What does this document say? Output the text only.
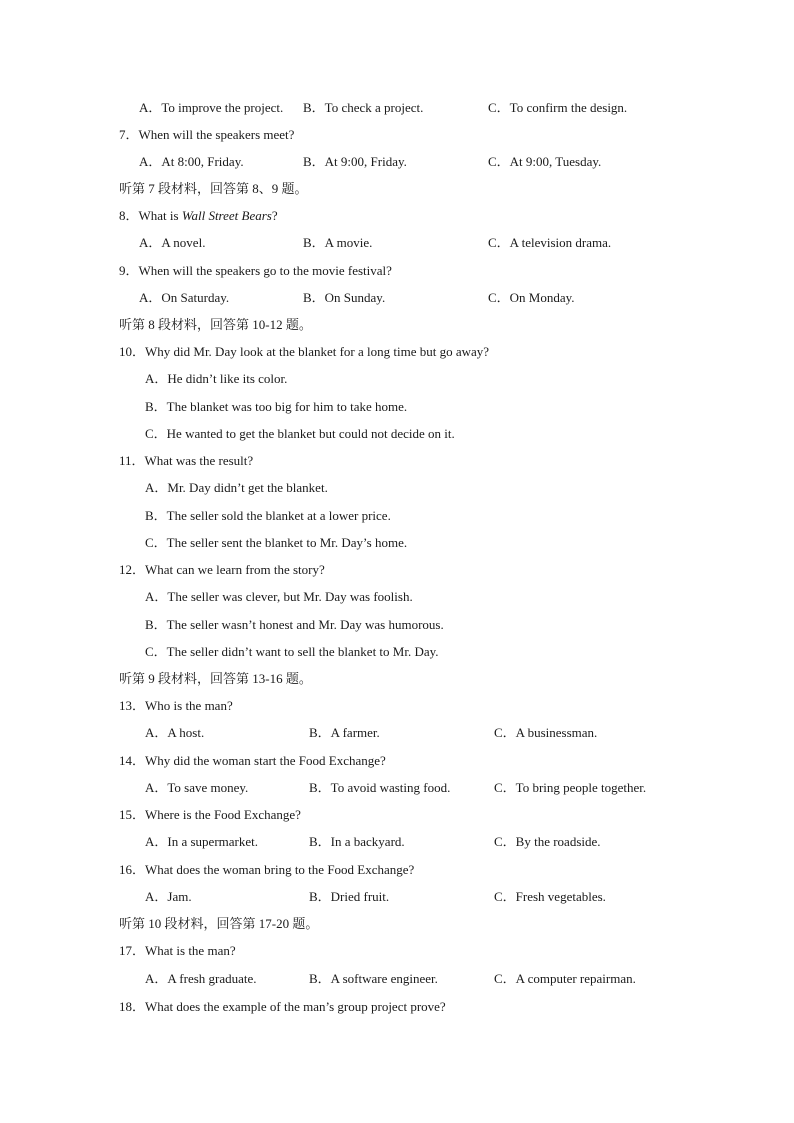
A．To improve the project. B．To check a project.	C．To confirm the design.
7．When will the speakers meet?
A．At 8:00, Friday.	B．At 9:00, Friday.	C．At 9:00, Tuesday.
听第 7 段材料，回答第 8、9 题。
8．What is Wall Street Bears?
A．A novel.	B．A movie.	C．A television drama.
9．When will the speakers go to the movie festival?
A．On Saturday.	B．On Sunday.	C．On Monday.
听第 8 段材料，回答第 10-12 题。
10．Why did Mr. Day look at the blanket for a long time but go away?
A．He didn’t like its color.
B．The blanket was too big for him to take home.
C．He wanted to get the blanket but could not decide on it.
11．What was the result?
A．Mr. Day didn’t get the blanket.
B．The seller sold the blanket at a lower price.
C．The seller sent the blanket to Mr. Day’s home.
12．What can we learn from the story?
A．The seller was clever, but Mr. Day was foolish.
B．The seller wasn’t honest and Mr. Day was humorous.
C．The seller didn’t want to sell the blanket to Mr. Day.
听第 9 段材料，回答第 13-16 题。
13．Who is the man?
A．A host.	B．A farmer.	C．A businessman.
14．Why did the woman start the Food Exchange?
A．To save money.	B．To avoid wasting food.	C．To bring people together.
15．Where is the Food Exchange?
A．In a supermarket.	B．In a backyard.	C．By the roadside.
16．What does the woman bring to the Food Exchange?
A．Jam.	B．Dried fruit.	C．Fresh vegetables.
听第 10 段材料，回答第 17-20 题。
17．What is the man?
A．A fresh graduate.	B．A software engineer.	C．A computer repairman.
18．What does the example of the man’s group project prove?
